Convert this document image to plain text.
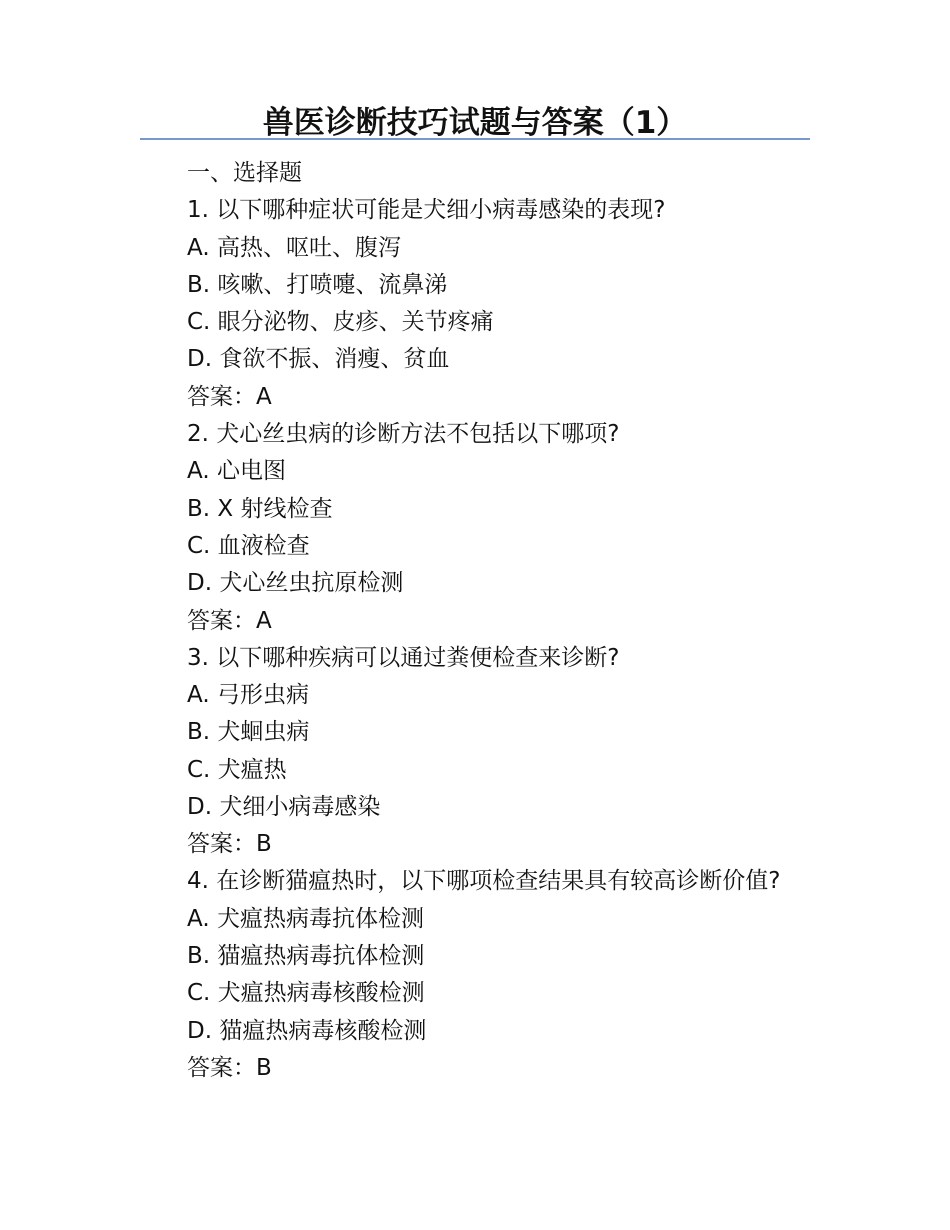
兽医诊断技巧试题与答案（1）
一、选择题
1. 以下哪种症状可能是犬细小病毒感染的表现?
A. 高热、呕吐、腹泻
B. 咳嗽、打喷嚏、流鼻涕
C. 眼分泌物、皮疹、关节疼痛
D. 食欲不振、消瘦、贫血
答案：A
2. 犬心丝虫病的诊断方法不包括以下哪项?
A. 心电图
B. X 射线检查
C. 血液检查
D. 犬心丝虫抗原检测
答案：A
3. 以下哪种疾病可以通过粪便检查来诊断?
A. 弓形虫病
B. 犬蛔虫病
C. 犬瘟热
D. 犬细小病毒感染
答案：B
4. 在诊断猫瘟热时，以下哪项检查结果具有较高诊断价值?
A. 犬瘟热病毒抗体检测
B. 猫瘟热病毒抗体检测
C. 犬瘟热病毒核酸检测
D. 猫瘟热病毒核酸检测
答案：B
